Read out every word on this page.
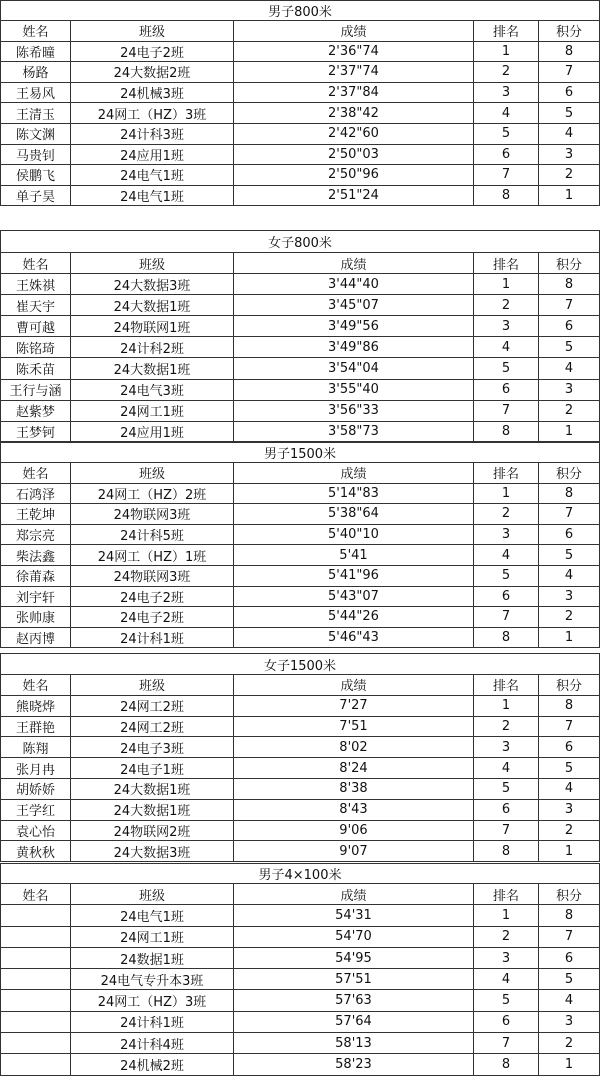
男子800米				
姓名	班级	成绩	排名	积分
陈希曈	24电子2班	2'36"74	1	8
杨路	24大数据2班	2'37"74	2	7
王易风	24机械3班	2'37"84	3	6
王清玉	24网工（HZ）3班	2'38"42	4	5
陈文渊	24计科3班	2'42"60	5	4
马贵钊	24应用1班	2'50"03	6	3
侯鹏飞	24电气1班	2'50"96	7	2
单子昊	24电气1班	2'51"24	8	1
女子800米				
姓名	班级	成绩	排名	积分
王姝祺	24大数据3班	3'44"40	1	8
崔天宇	24大数据1班	3'45"07	2	7
曹可越	24物联网1班	3'49"56	3	6
陈铭琦	24计科2班	3'49"86	4	5
陈禾苗	24大数据1班	3'54"04	5	4
王行与涵	24电气3班	3'55"40	6	3
赵紫梦	24网工1班	3'56"33	7	2
王梦钶	24应用1班	3'58"73	8	1
男子1500米				
姓名	班级	成绩	排名	积分
石鸿泽	24网工（HZ）2班	5'14"83	1	8
王乾坤	24物联网3班	5'38"64	2	7
郑宗亮	24计科5班	5'40"10	3	6
柴法鑫	24网工（HZ）1班	5'41	4	5
徐莆森	24物联网3班	5'41"96	5	4
刘宇轩	24电子2班	5'43"07	6	3
张帅康	24电子2班	5'44"26	7	2
赵丙博	24计科1班	5'46"43	8	1
女子1500米				
姓名	班级	成绩	排名	积分
熊晓烨	24网工2班	7'27	1	8
王群艳	24网工2班	7'51	2	7
陈翔	24电子3班	8'02	3	6
张月冉	24电子1班	8'24	4	5
胡娇娇	24大数据1班	8'38	5	4
王学红	24大数据1班	8'43	6	3
袁心怡	24物联网2班	9'06	7	2
黄秋秋	24大数据3班	9'07	8	1
男子4×100米				
姓名	班级	成绩	排名	积分
	24电气1班	54'31	1	8
	24网工1班	54'70	2	7
	24数据1班	54'95	3	6
	24电气专升本3班	57'51	4	5
	24网工（HZ）3班	57'63	5	4
	24计科1班	57'64	6	3
	24计科4班	58'13	7	2
	24机械2班	58'23	8	1
